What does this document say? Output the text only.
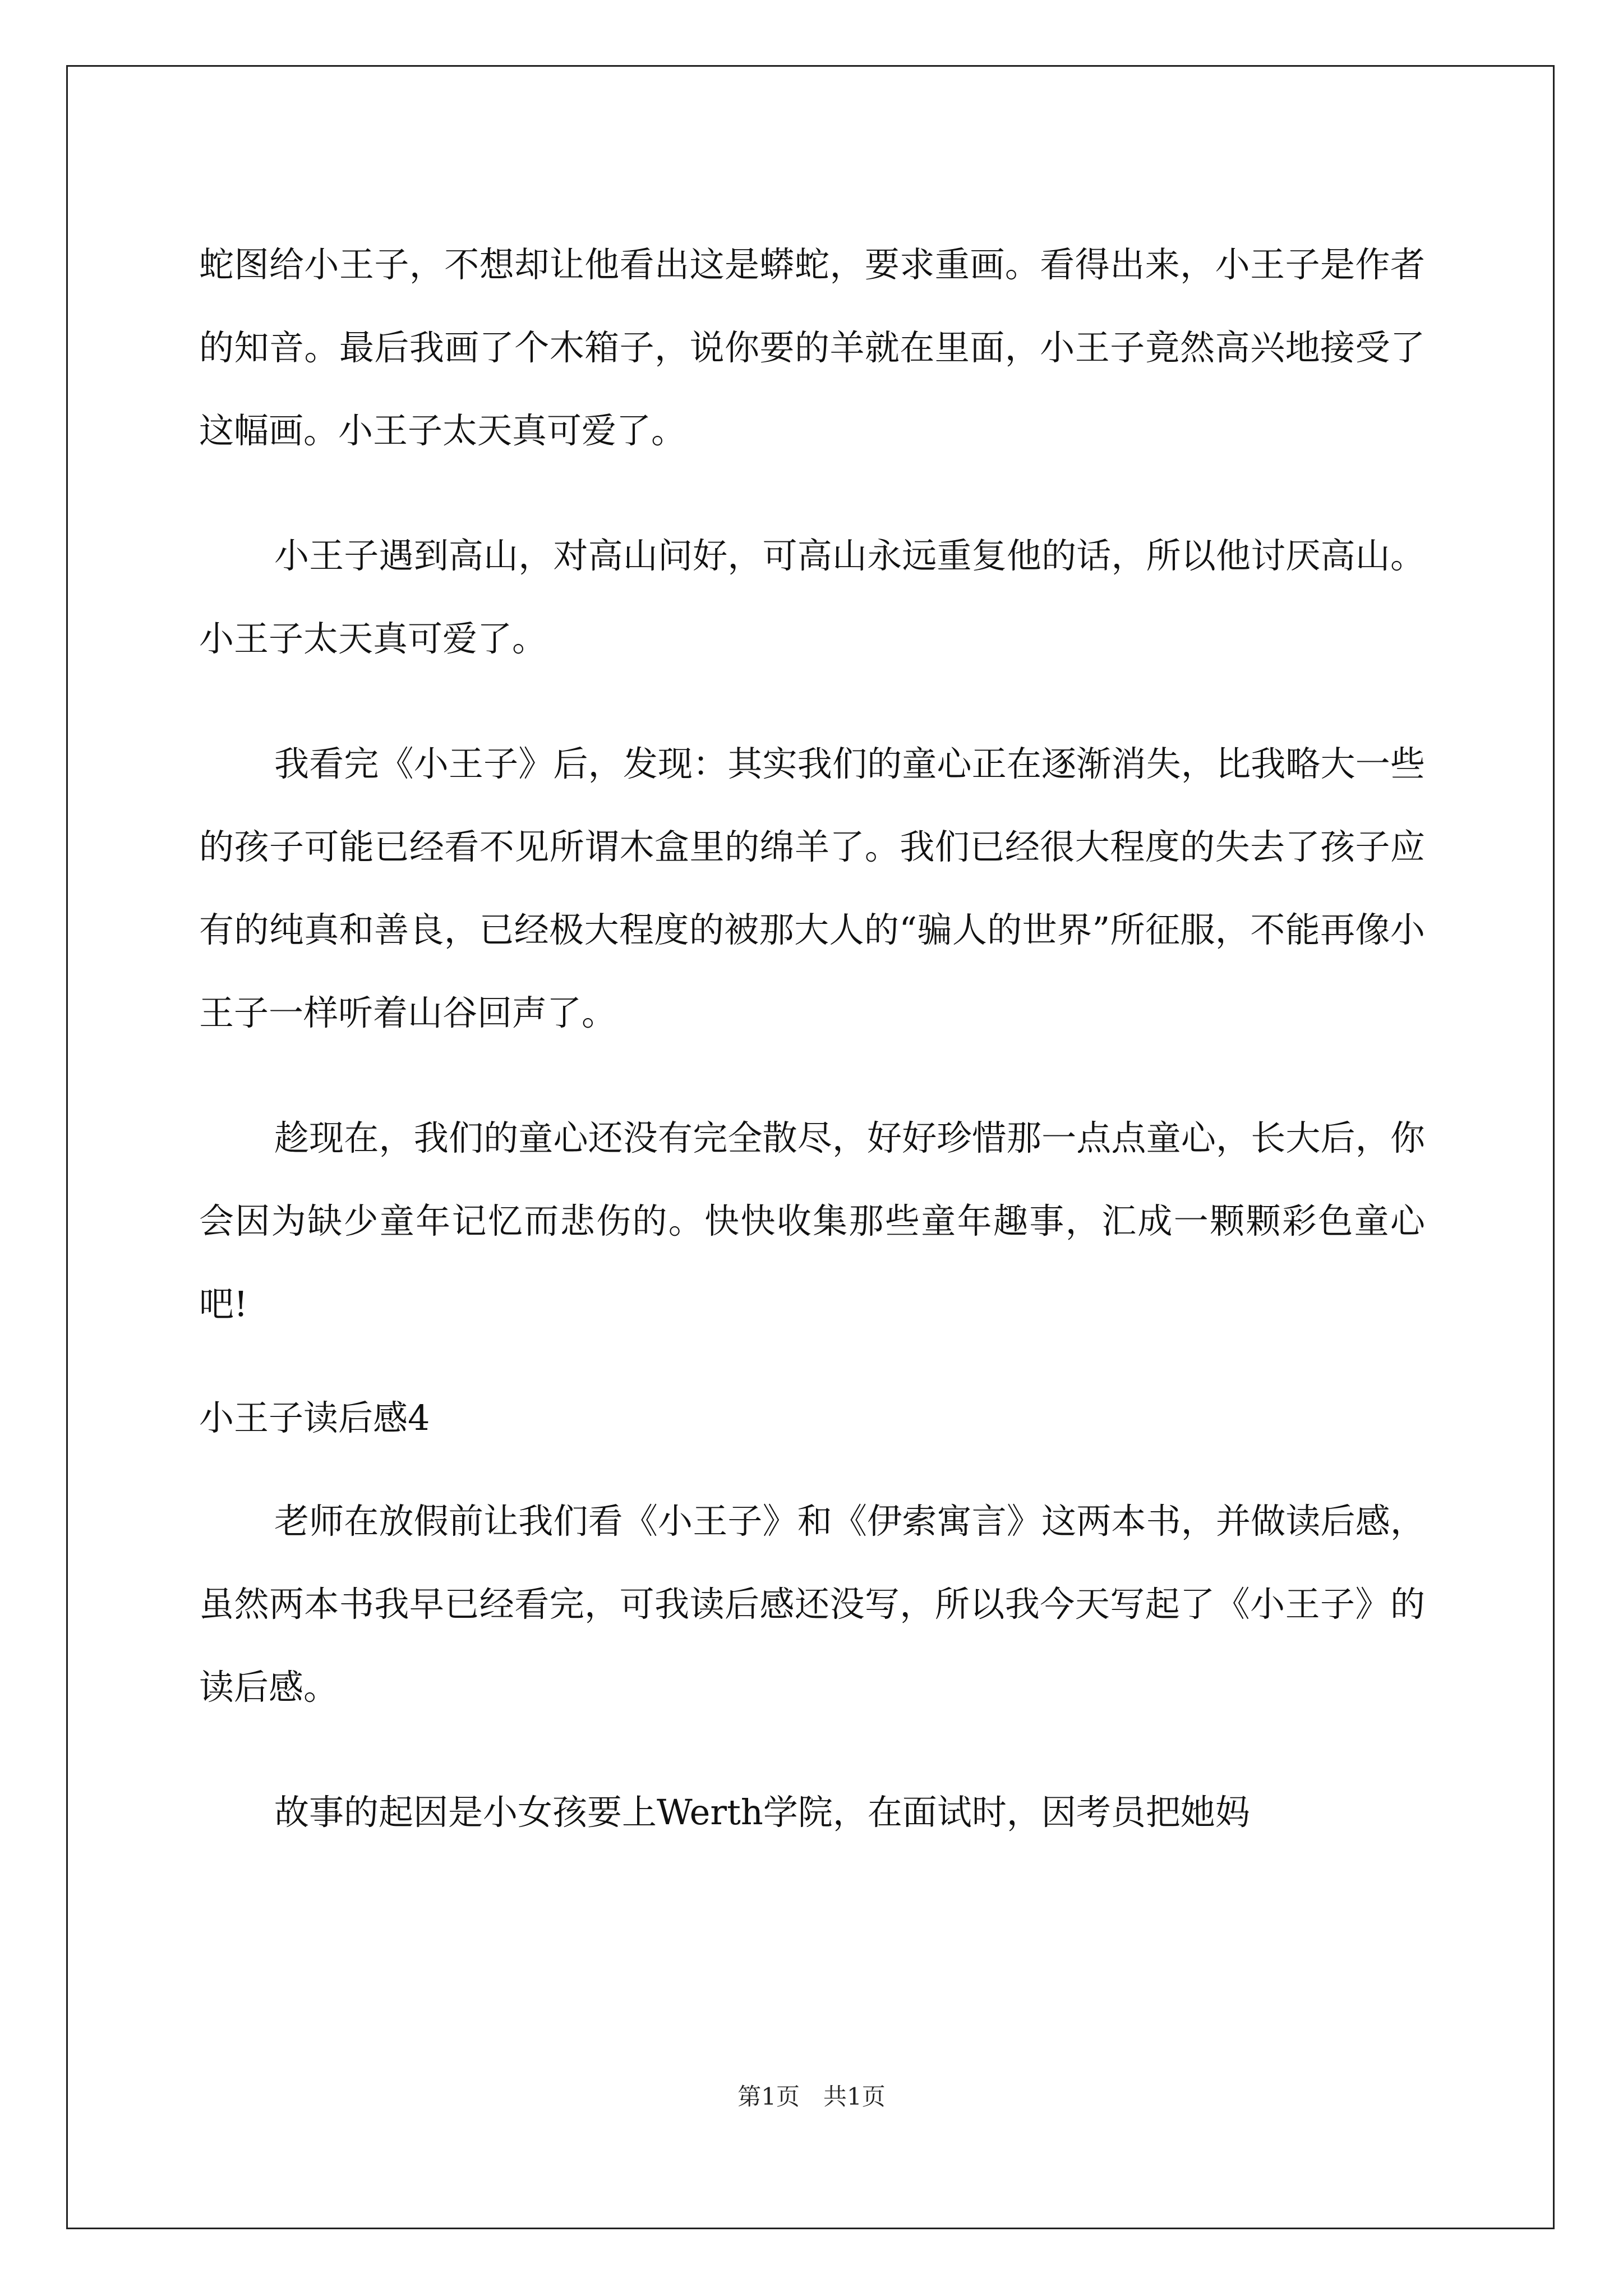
蛇图给小王子，不想却让他看出这是蟒蛇，要求重画。看得出来，小王子是作者的知音。最后我画了个木箱子，说你要的羊就在里面，小王子竟然高兴地接受了这幅画。小王子太天真可爱了。

小王子遇到高山，对高山问好，可高山永远重复他的话，所以他讨厌高山。小王子太天真可爱了。

我看完《小王子》后，发现：其实我们的童心正在逐渐消失，比我略大一些的孩子可能已经看不见所谓木盒里的绵羊了。我们已经很大程度的失去了孩子应有的纯真和善良，已经极大程度的被那大人的“骗人的世界”所征服，不能再像小王子一样听着山谷回声了。

趁现在，我们的童心还没有完全散尽，好好珍惜那一点点童心，长大后，你会因为缺少童年记忆而悲伤的。快快收集那些童年趣事，汇成一颗颗彩色童心吧!

小王子读后感4

老师在放假前让我们看《小王子》和《伊索寓言》这两本书，并做读后感，虽然两本书我早已经看完，可我读后感还没写，所以我今天写起了《小王子》的读后感。

故事的起因是小女孩要上Werth学院，在面试时，因考员把她妈

第1页　共1页
